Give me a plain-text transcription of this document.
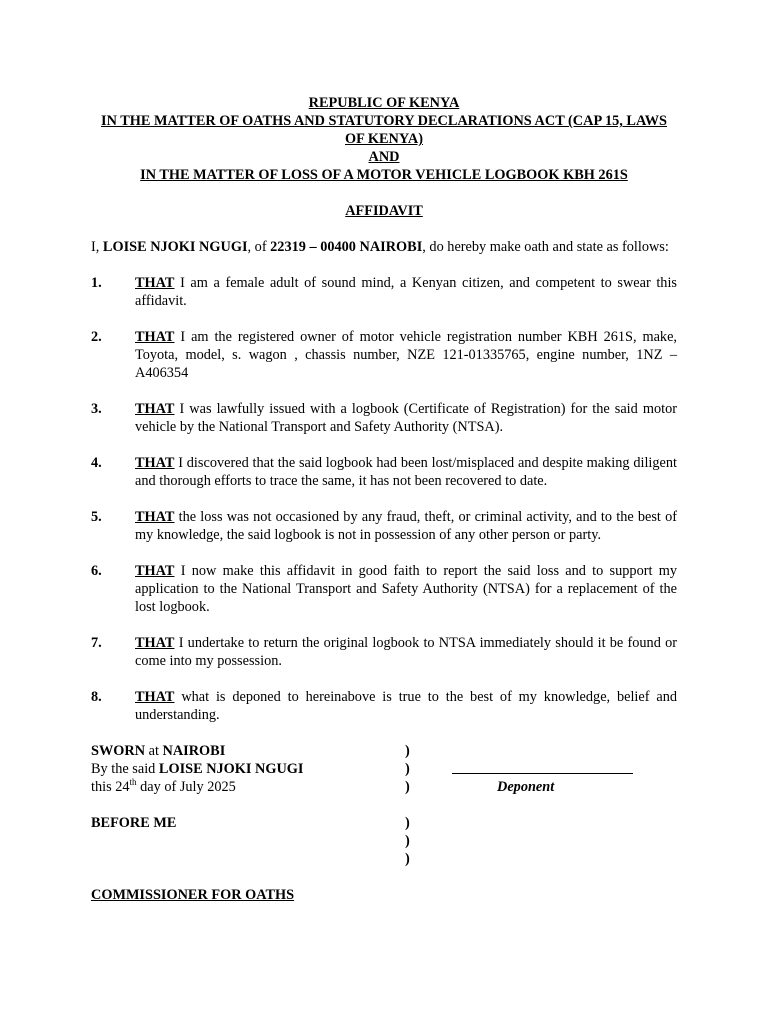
REPUBLIC OF KENYA
IN THE MATTER OF OATHS AND STATUTORY DECLARATIONS ACT (CAP 15, LAWS OF KENYA)
AND
IN THE MATTER OF LOSS OF A MOTOR VEHICLE LOGBOOK KBH 261S
AFFIDAVIT
I, LOISE NJOKI NGUGI, of 22319 – 00400 NAIROBI, do hereby make oath and state as follows:
1. THAT I am a female adult of sound mind, a Kenyan citizen, and competent to swear this affidavit.
2. THAT I am the registered owner of motor vehicle registration number KBH 261S, make, Toyota, model, s. wagon , chassis number, NZE 121-01335765, engine number, 1NZ – A406354
3. THAT I was lawfully issued with a logbook (Certificate of Registration) for the said motor vehicle by the National Transport and Safety Authority (NTSA).
4. THAT I discovered that the said logbook had been lost/misplaced and despite making diligent and thorough efforts to trace the same, it has not been recovered to date.
5. THAT the loss was not occasioned by any fraud, theft, or criminal activity, and to the best of my knowledge, the said logbook is not in possession of any other person or party.
6. THAT I now make this affidavit in good faith to report the said loss and to support my application to the National Transport and Safety Authority (NTSA) for a replacement of the lost logbook.
7. THAT I undertake to return the original logbook to NTSA immediately should it be found or come into my possession.
8. THAT what is deponed to hereinabove is true to the best of my knowledge, belief and understanding.
SWORN at NAIROBI
By the said LOISE NJOKI NGUGI
this 24th day of July 2025
)
)
)	Deponent
BEFORE ME	)
)
)
COMMISSIONER FOR OATHS
